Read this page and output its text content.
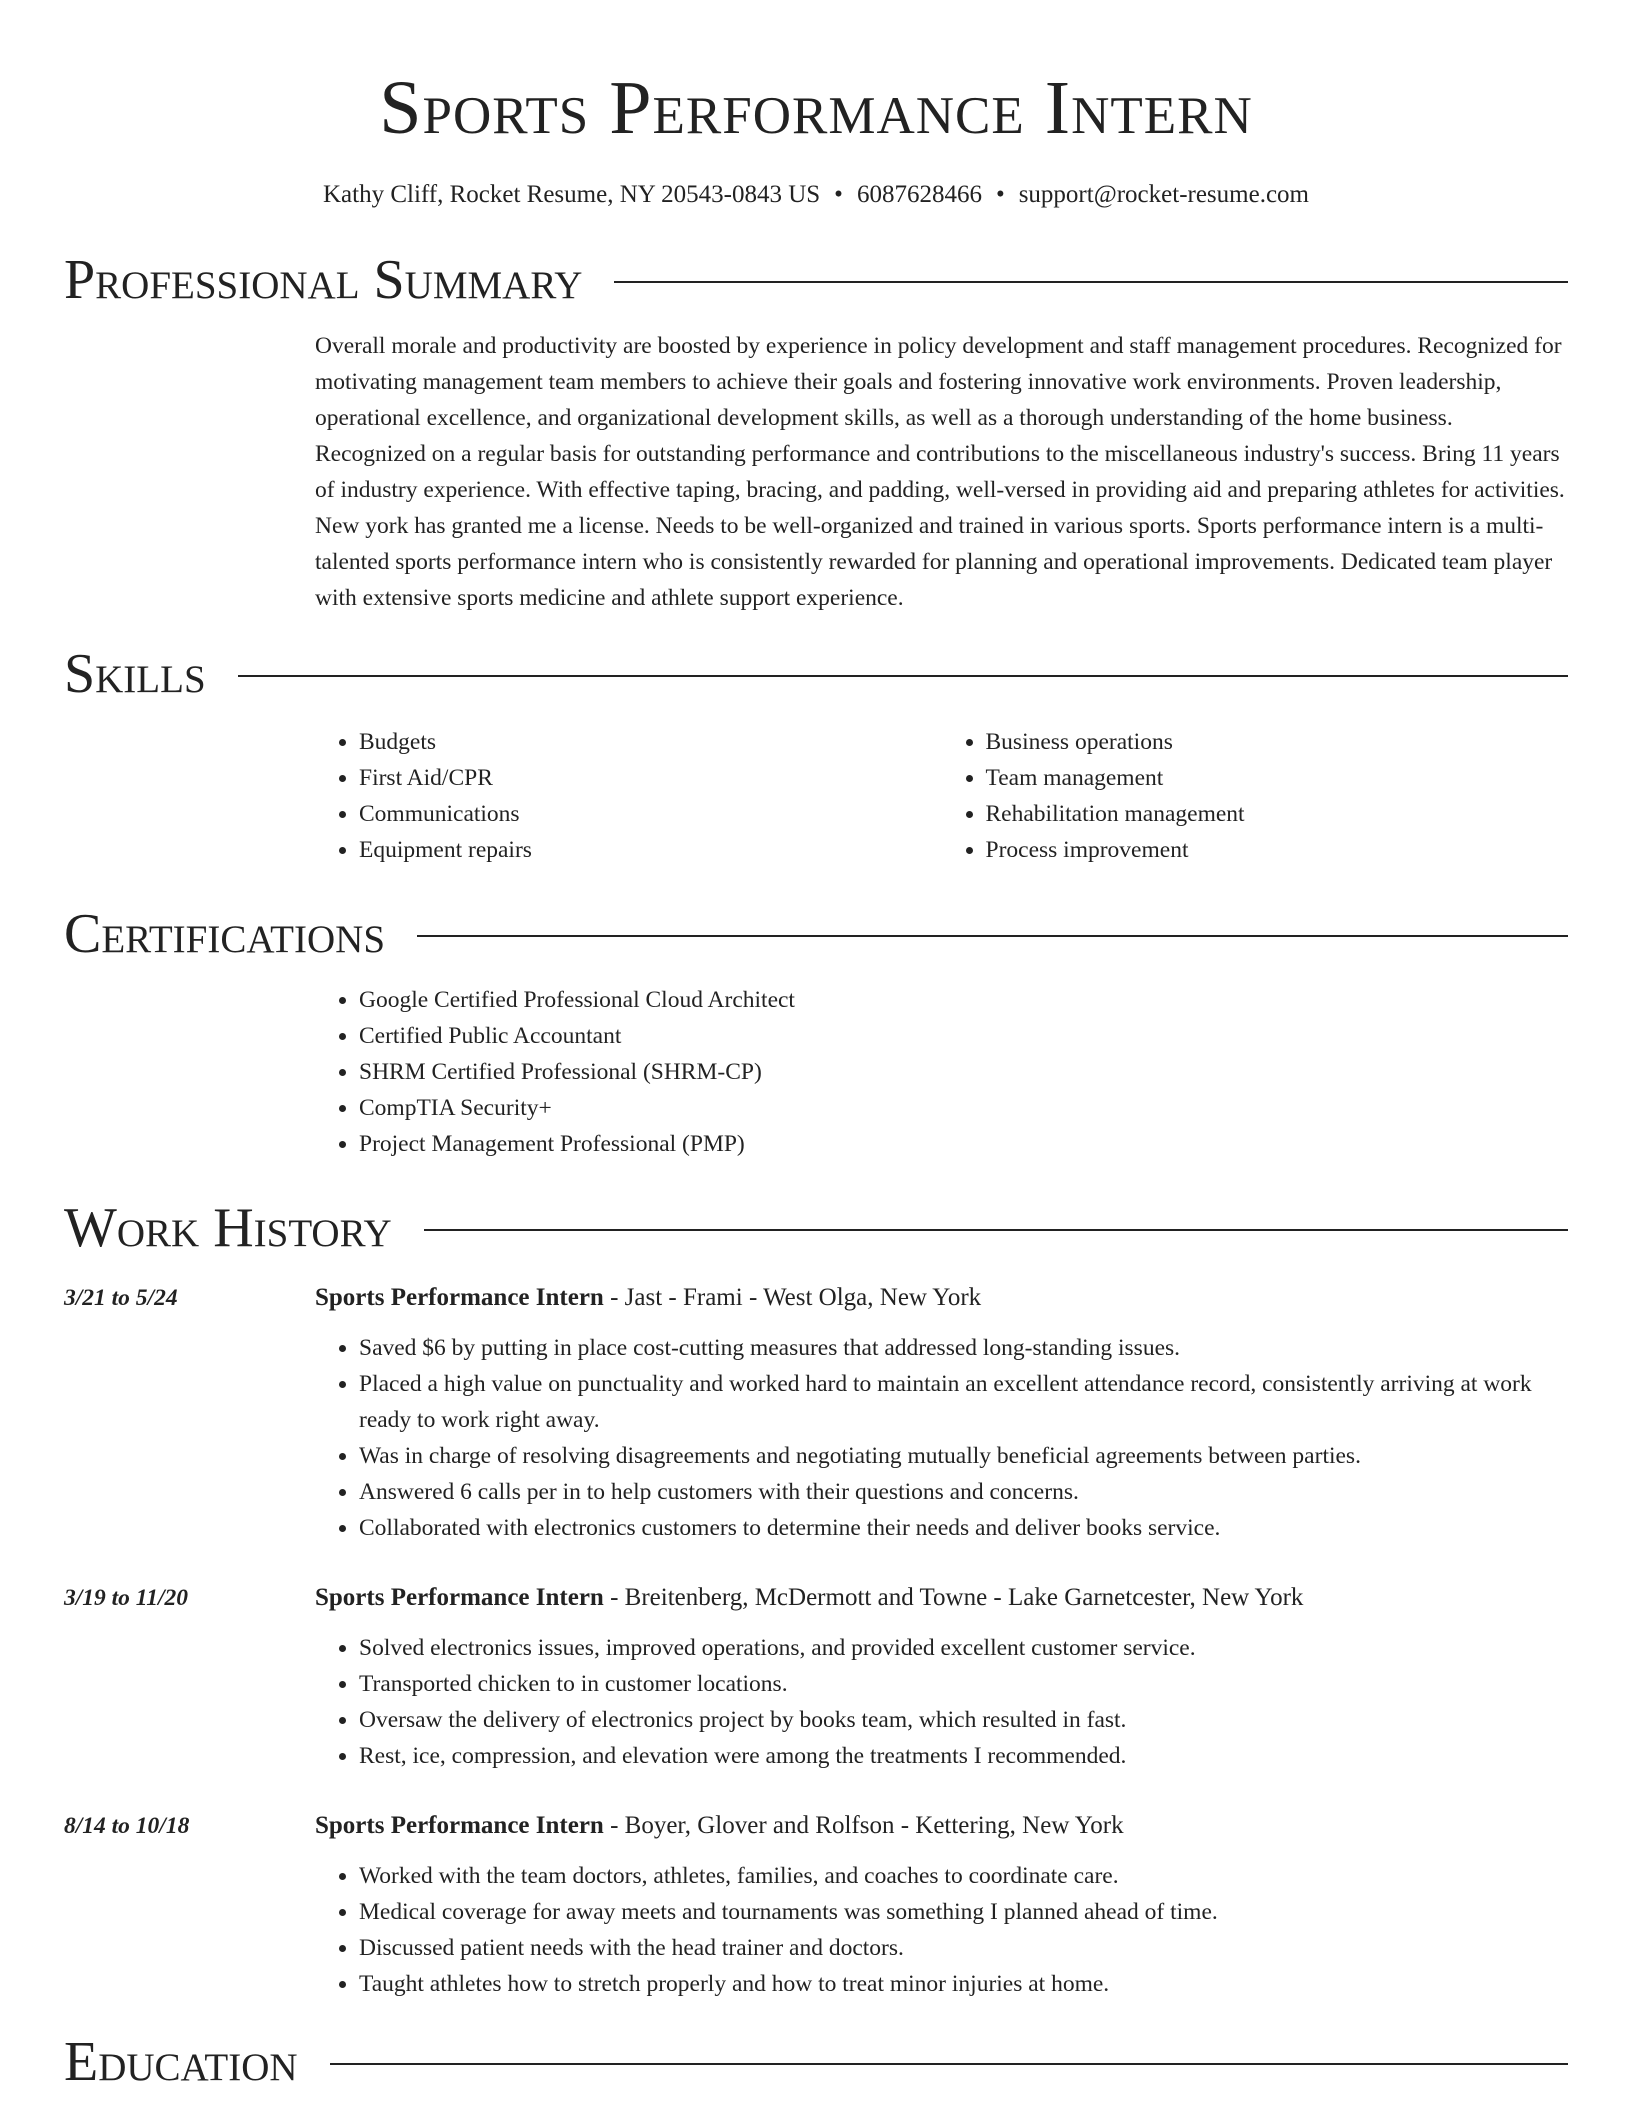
Sports Performance Intern
Kathy Cliff, Rocket Resume, NY 20543-0843 US • 6087628466 • support@rocket-resume.com
Professional Summary

Overall morale and productivity are boosted by experience in policy development and staff management procedures. Recognized for motivating management team members to achieve their goals and fostering innovative work environments. Proven leadership, operational excellence, and organizational development skills, as well as a thorough understanding of the home business. Recognized on a regular basis for outstanding performance and contributions to the miscellaneous industry's success. Bring 11 years of industry experience. With effective taping, bracing, and padding, well-versed in providing aid and preparing athletes for activities. New york has granted me a license. Needs to be well-organized and trained in various sports. Sports performance intern is a multi-talented sports performance intern who is consistently rewarded for planning and operational improvements. Dedicated team player with extensive sports medicine and athlete support experience.

Skills
• Budgets
• First Aid/CPR
• Communications
• Equipment repairs
• Business operations
• Team management
• Rehabilitation management
• Process improvement
Certifications
• Google Certified Professional Cloud Architect
• Certified Public Accountant
• SHRM Certified Professional (SHRM-CP)
• CompTIA Security+
• Project Management Professional (PMP)
Work History
3/21 to 5/24	Sports Performance Intern - Jast - Frami - West Olga, New York
• Saved $6 by putting in place cost-cutting measures that addressed long-standing issues.
• Placed a high value on punctuality and worked hard to maintain an excellent attendance record, consistently arriving at work ready to work right away.
• Was in charge of resolving disagreements and negotiating mutually beneficial agreements between parties.
• Answered 6 calls per in to help customers with their questions and concerns.
• Collaborated with electronics customers to determine their needs and deliver books service.
3/19 to 11/20	Sports Performance Intern - Breitenberg, McDermott and Towne - Lake Garnetcester, New York
• Solved electronics issues, improved operations, and provided excellent customer service.
• Transported chicken to in customer locations.
• Oversaw the delivery of electronics project by books team, which resulted in fast.
• Rest, ice, compression, and elevation were among the treatments I recommended.
8/14 to 10/18	Sports Performance Intern - Boyer, Glover and Rolfson - Kettering, New York
• Worked with the team doctors, athletes, families, and coaches to coordinate care.
• Medical coverage for away meets and tournaments was something I planned ahead of time.
• Discussed patient needs with the head trainer and doctors.
• Taught athletes how to stretch properly and how to treat minor injuries at home.
Education
